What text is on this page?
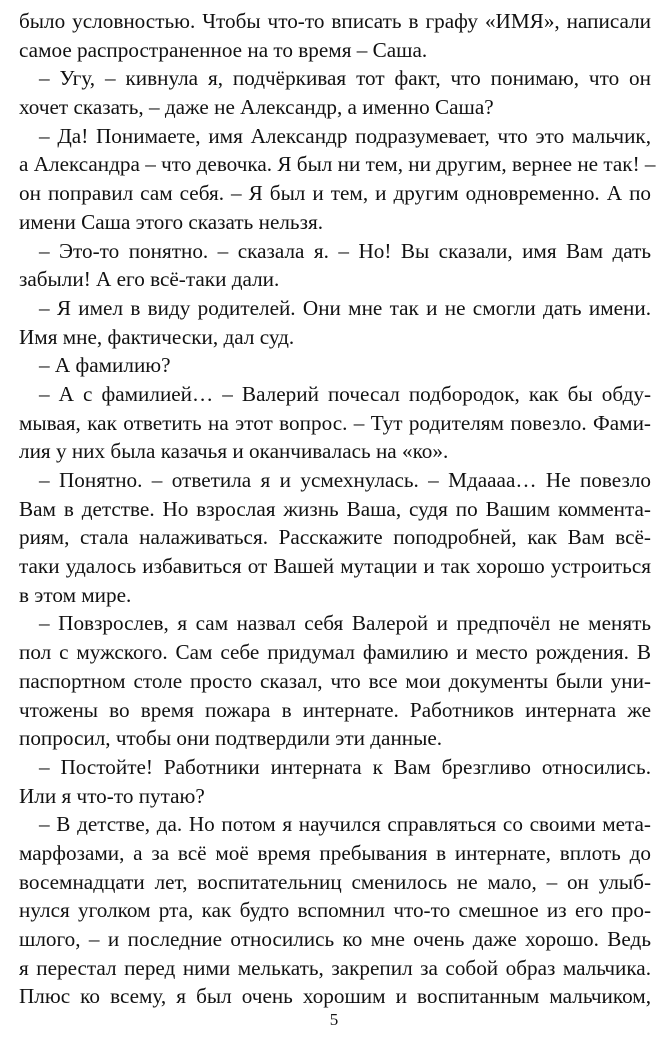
было условностью. Чтобы что-то вписать в графу «ИМЯ», написали
самое распространенное на то время – Саша.
– Угу, – кивнула я, подчёркивая тот факт, что понимаю, что он
хочет сказать, – даже не Александр, а именно Саша?
– Да! Понимаете, имя Александр подразумевает, что это мальчик,
а Александра – что девочка. Я был ни тем, ни другим, вернее не так! –
он поправил сам себя. – Я был и тем, и другим одновременно. А по
имени Саша этого сказать нельзя.
– Это-то понятно. – сказала я. – Но! Вы сказали, имя Вам дать
забыли! А его всё-таки дали.
– Я имел в виду родителей. Они мне так и не смогли дать имени.
Имя мне, фактически, дал суд.
– А фамилию?
– А с фамилией… – Валерий почесал подбородок, как бы обду-
мывая, как ответить на этот вопрос. – Тут родителям повезло. Фами-
лия у них была казачья и оканчивалась на «ко».
– Понятно. – ответила я и усмехнулась. – Мдаааа… Не повезло
Вам в детстве. Но взрослая жизнь Ваша, судя по Вашим коммента-
риям, стала налаживаться. Расскажите поподробней, как Вам всё-
таки удалось избавиться от Вашей мутации и так хорошо устроиться
в этом мире.
– Повзрослев, я сам назвал себя Валерой и предпочёл не менять
пол с мужского. Сам себе придумал фамилию и место рождения. В
паспортном столе просто сказал, что все мои документы были уни-
чтожены во время пожара в интернате. Работников интерната же
попросил, чтобы они подтвердили эти данные.
– Постойте! Работники интерната к Вам брезгливо относились.
Или я что-то путаю?
– В детстве, да. Но потом я научился справляться со своими мета-
марфозами, а за всё моё время пребывания в интернате, вплоть до
восемнадцати лет, воспитательниц сменилось не мало, – он улыб-
нулся уголком рта, как будто вспомнил что-то смешное из его про-
шлого, – и последние относились ко мне очень даже хорошо. Ведь
я перестал перед ними мелькать, закрепил за собой образ мальчика.
Плюс ко всему, я был очень хорошим и воспитанным мальчиком,
5
